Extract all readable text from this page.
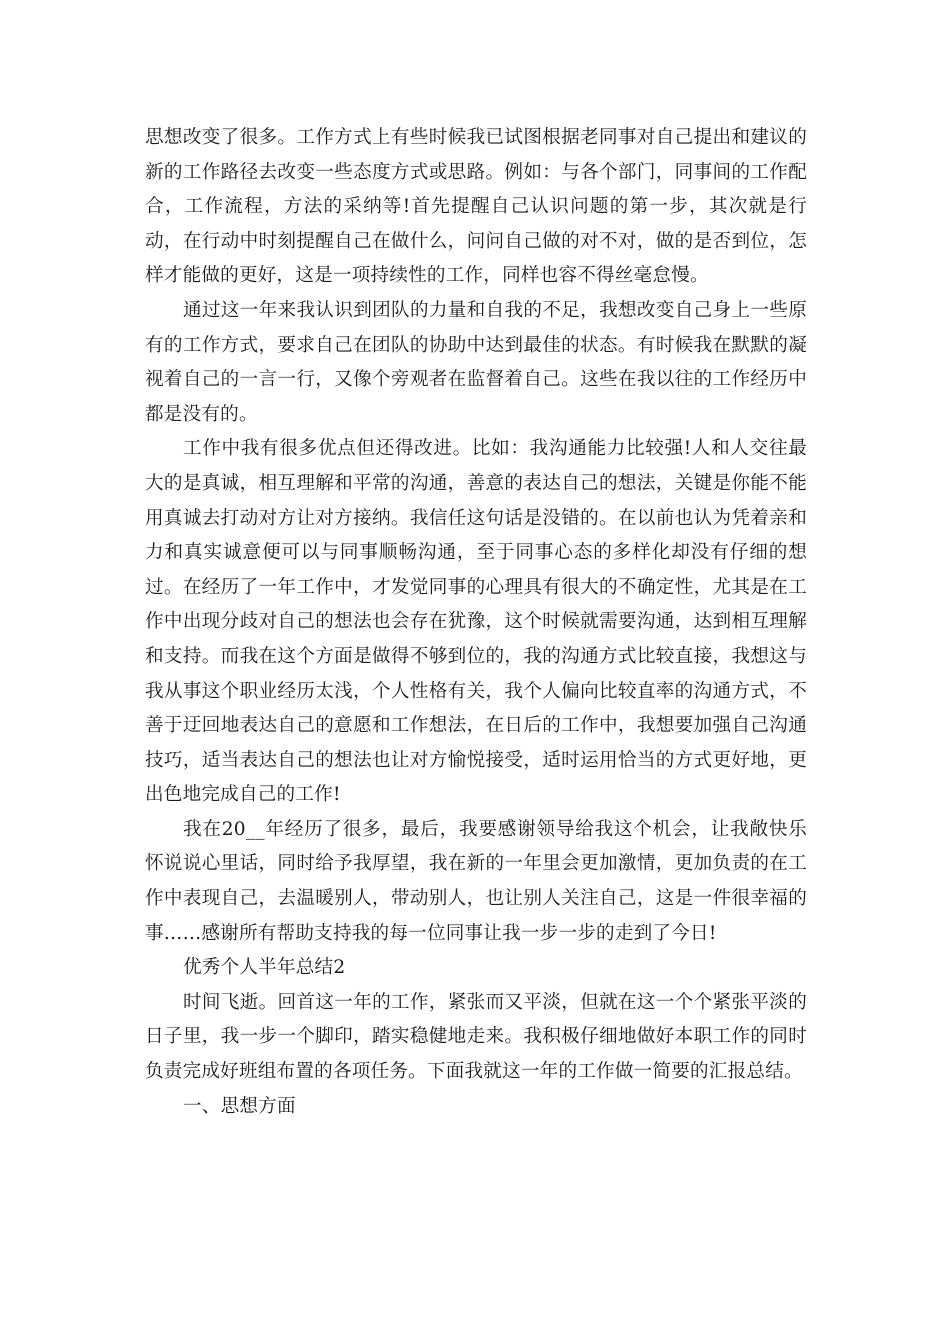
思想改变了很多。工作方式上有些时候我已试图根据老同事对自己提出和建议的新的工作路径去改变一些态度方式或思路。例如：与各个部门，同事间的工作配合，工作流程，方法的采纳等!首先提醒自己认识问题的第一步，其次就是行动，在行动中时刻提醒自己在做什么，问问自己做的对不对，做的是否到位，怎样才能做的更好，这是一项持续性的工作，同样也容不得丝毫怠慢。

通过这一年来我认识到团队的力量和自我的不足，我想改变自己身上一些原有的工作方式，要求自己在团队的协助中达到最佳的状态。有时候我在默默的凝视着自己的一言一行，又像个旁观者在监督着自己。这些在我以往的工作经历中都是没有的。

工作中我有很多优点但还得改进。比如：我沟通能力比较强!人和人交往最大的是真诚，相互理解和平常的沟通，善意的表达自己的想法，关键是你能不能用真诚去打动对方让对方接纳。我信任这句话是没错的。在以前也认为凭着亲和力和真实诚意便可以与同事顺畅沟通，至于同事心态的多样化却没有仔细的想过。在经历了一年工作中，才发觉同事的心理具有很大的不确定性，尤其是在工作中出现分歧对自己的想法也会存在犹豫，这个时候就需要沟通，达到相互理解和支持。而我在这个方面是做得不够到位的，我的沟通方式比较直接，我想这与我从事这个职业经历太浅，个人性格有关，我个人偏向比较直率的沟通方式，不善于迂回地表达自己的意愿和工作想法，在日后的工作中，我想要加强自己沟通技巧，适当表达自己的想法也让对方愉悦接受，适时运用恰当的方式更好地，更出色地完成自己的工作!

我在20__年经历了很多，最后，我要感谢领导给我这个机会，让我敞快乐怀说说心里话，同时给予我厚望，我在新的一年里会更加激情，更加负责的在工作中表现自己，去温暖别人，带动别人，也让别人关注自己，这是一件很幸福的事……感谢所有帮助支持我的每一位同事让我一步一步的走到了今日!

优秀个人半年总结2

时间飞逝。回首这一年的工作，紧张而又平淡，但就在这一个个紧张平淡的日子里，我一步一个脚印，踏实稳健地走来。我积极仔细地做好本职工作的同时负责完成好班组布置的各项任务。下面我就这一年的工作做一简要的汇报总结。

一、思想方面
